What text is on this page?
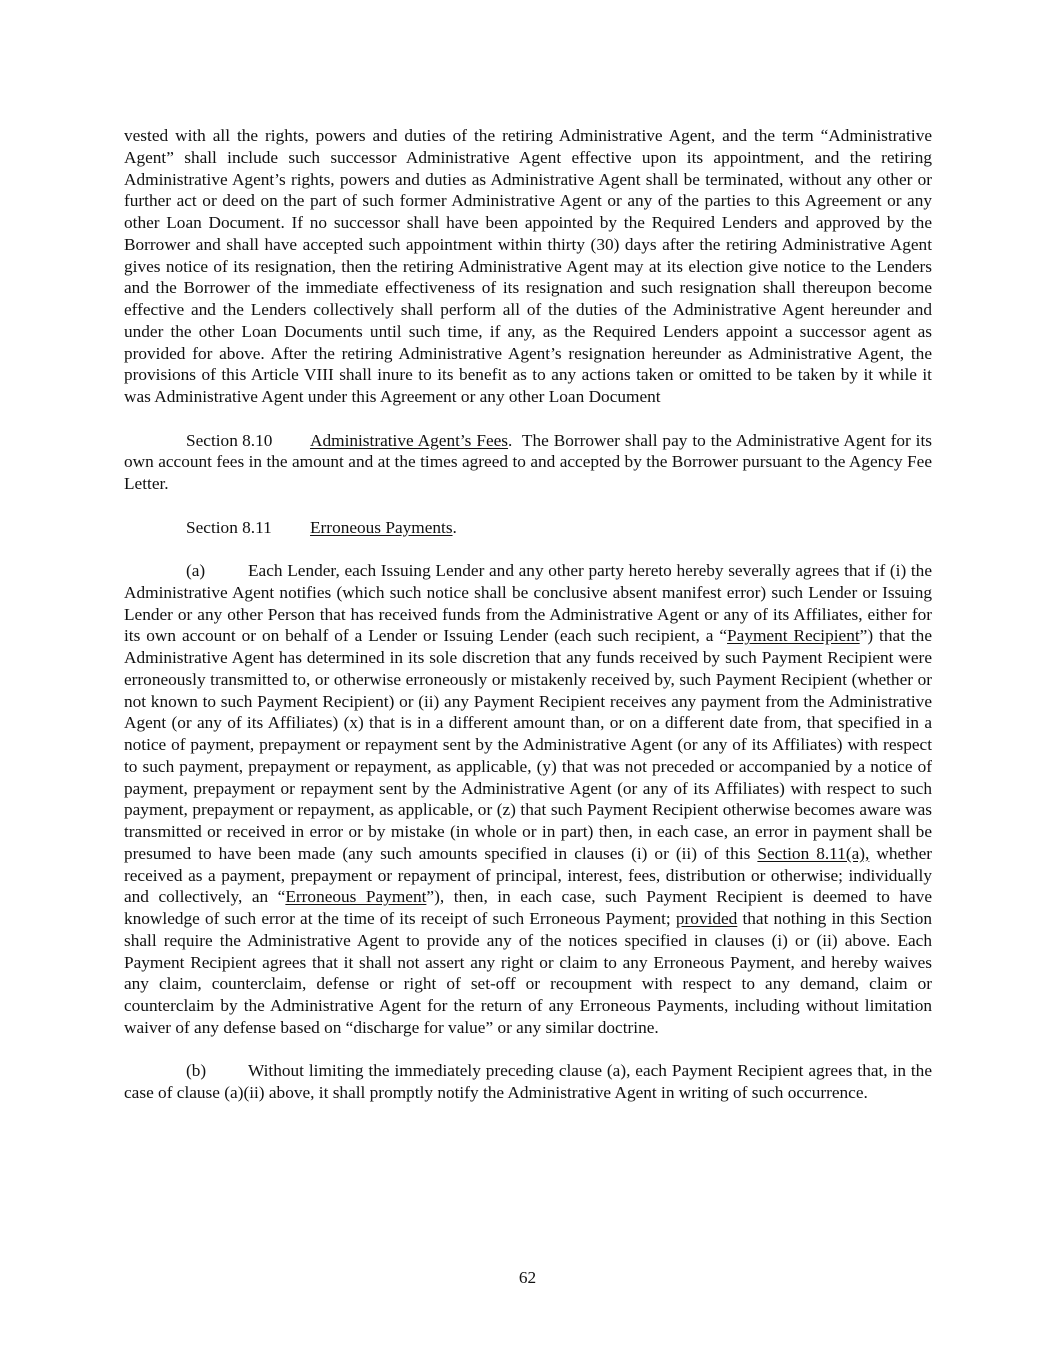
vested with all the rights, powers and duties of the retiring Administrative Agent, and the term “Administrative Agent” shall include such successor Administrative Agent effective upon its appointment, and the retiring Administrative Agent’s rights, powers and duties as Administrative Agent shall be terminated, without any other or further act or deed on the part of such former Administrative Agent or any of the parties to this Agreement or any other Loan Document. If no successor shall have been appointed by the Required Lenders and approved by the Borrower and shall have accepted such appointment within thirty (30) days after the retiring Administrative Agent gives notice of its resignation, then the retiring Administrative Agent may at its election give notice to the Lenders and the Borrower of the immediate effectiveness of its resignation and such resignation shall thereupon become effective and the Lenders collectively shall perform all of the duties of the Administrative Agent hereunder and under the other Loan Documents until such time, if any, as the Required Lenders appoint a successor agent as provided for above. After the retiring Administrative Agent’s resignation hereunder as Administrative Agent, the provisions of this Article VIII shall inure to its benefit as to any actions taken or omitted to be taken by it while it was Administrative Agent under this Agreement or any other Loan Document

Section 8.10 Administrative Agent’s Fees.  The Borrower shall pay to the Administrative Agent for its own account fees in the amount and at the times agreed to and accepted by the Borrower pursuant to the Agency Fee Letter.

Section 8.11 Erroneous Payments.

(a) Each Lender, each Issuing Lender and any other party hereto hereby severally agrees that if (i) the Administrative Agent notifies (which such notice shall be conclusive absent manifest error) such Lender or Issuing Lender or any other Person that has received funds from the Administrative Agent or any of its Affiliates, either for its own account or on behalf of a Lender or Issuing Lender (each such recipient, a “Payment Recipient”) that the Administrative Agent has determined in its sole discretion that any funds received by such Payment Recipient were erroneously transmitted to, or otherwise erroneously or mistakenly received by, such Payment Recipient (whether or not known to such Payment Recipient) or (ii) any Payment Recipient receives any payment from the Administrative Agent (or any of its Affiliates) (x) that is in a different amount than, or on a different date from, that specified in a notice of payment, prepayment or repayment sent by the Administrative Agent (or any of its Affiliates) with respect to such payment, prepayment or repayment, as applicable, (y) that was not preceded or accompanied by a notice of payment, prepayment or repayment sent by the Administrative Agent (or any of its Affiliates) with respect to such payment, prepayment or repayment, as applicable, or (z) that such Payment Recipient otherwise becomes aware was transmitted or received in error or by mistake (in whole or in part) then, in each case, an error in payment shall be presumed to have been made (any such amounts specified in clauses (i) or (ii) of this Section 8.11(a), whether received as a payment, prepayment or repayment of principal, interest, fees, distribution or otherwise; individually and collectively, an “Erroneous Payment”), then, in each case, such Payment Recipient is deemed to have knowledge of such error at the time of its receipt of such Erroneous Payment; provided that nothing in this Section shall require the Administrative Agent to provide any of the notices specified in clauses (i) or (ii) above. Each Payment Recipient agrees that it shall not assert any right or claim to any Erroneous Payment, and hereby waives any claim, counterclaim, defense or right of set-off or recoupment with respect to any demand, claim or counterclaim by the Administrative Agent for the return of any Erroneous Payments, including without limitation waiver of any defense based on “discharge for value” or any similar doctrine.

(b) Without limiting the immediately preceding clause (a), each Payment Recipient agrees that, in the case of clause (a)(ii) above, it shall promptly notify the Administrative Agent in writing of such occurrence.

62
